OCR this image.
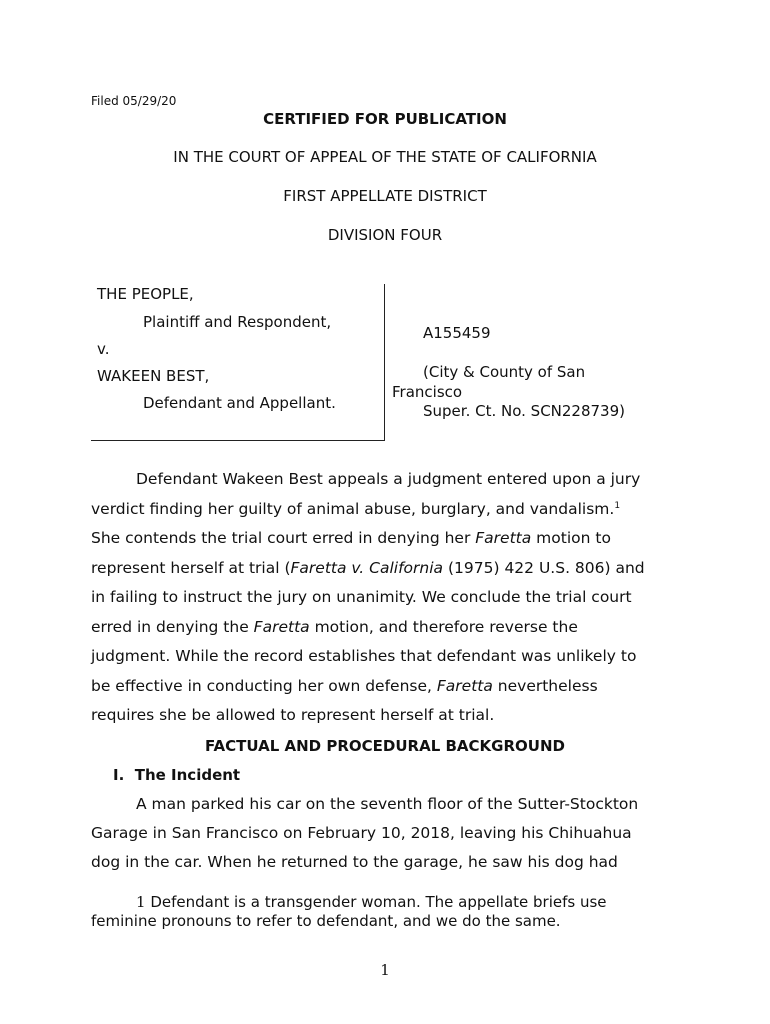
Filed 05/29/20
CERTIFIED FOR PUBLICATION
IN THE COURT OF APPEAL OF THE STATE OF CALIFORNIA
FIRST APPELLATE DISTRICT
DIVISION FOUR
THE PEOPLE,
Plaintiff and Respondent,
v.
WAKEEN BEST,
Defendant and Appellant.
A155459
(City & County of San
Francisco
Super. Ct. No. SCN228739)
Defendant Wakeen Best appeals a judgment entered upon a jury
verdict finding her guilty of animal abuse, burglary, and vandalism.$^1$
She contends the trial court erred in denying her Faretta motion to
represent herself at trial (Faretta v. California (1975) 422 U.S. 806) and
in failing to instruct the jury on unanimity. We conclude the trial court
erred in denying the Faretta motion, and therefore reverse the
judgment. While the record establishes that defendant was unlikely to
be effective in conducting her own defense, Faretta nevertheless
requires she be allowed to represent herself at trial.
FACTUAL AND PROCEDURAL BACKGROUND
I. The Incident
A man parked his car on the seventh floor of the Sutter-Stockton
Garage in San Francisco on February 10, 2018, leaving his Chihuahua
dog in the car. When he returned to the garage, he saw his dog had
1 Defendant is a transgender woman. The appellate briefs use
feminine pronouns to refer to defendant, and we do the same.
1
